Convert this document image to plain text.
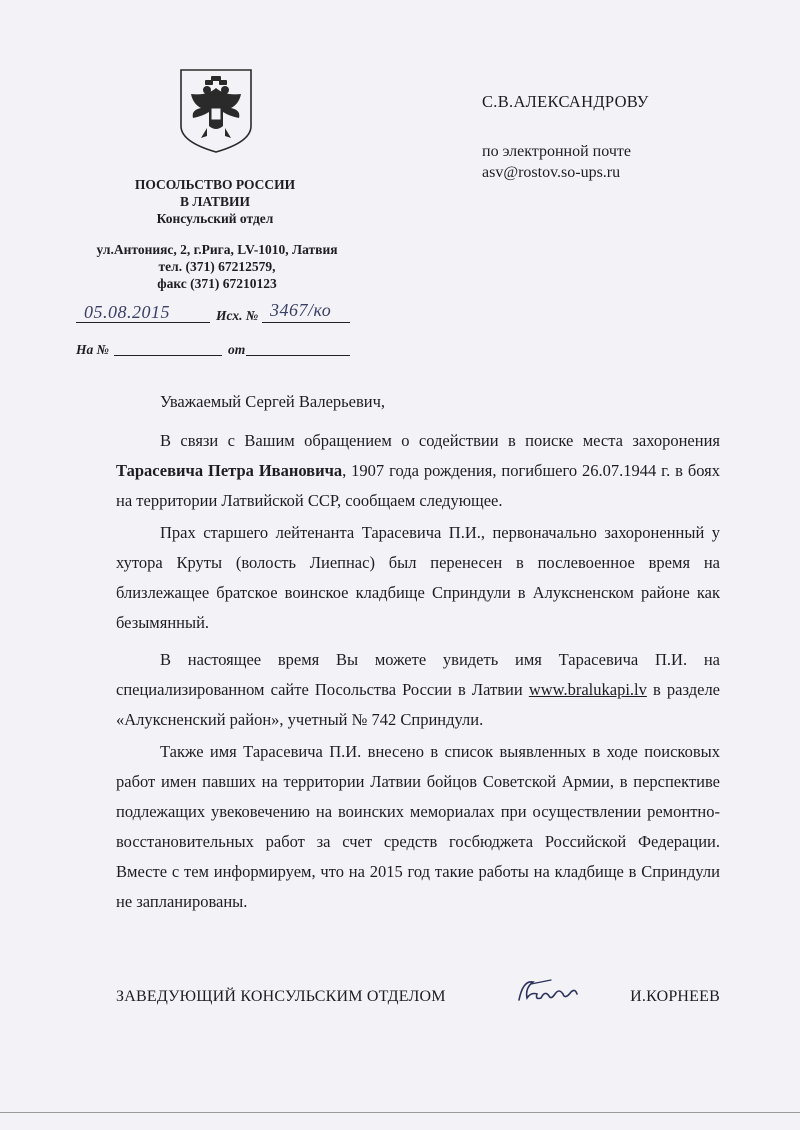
ПОСОЛЬСТВО РОССИИ
В ЛАТВИИ
Консульский отдел
ул.Антонияс, 2, г.Рига, LV-1010, Латвия
тел. (371) 67212579,
факс (371) 67210123
05.08.2015	Исх. № 3467/ко
На №	от
С.В.АЛЕКСАНДРОВУ
по электронной почте
asv@rostov.so-ups.ru
Уважаемый Сергей Валерьевич,

В связи с Вашим обращением о содействии в поиске места захоронения Тарасевича Петра Ивановича, 1907 года рождения, погибшего 26.07.1944 г. в боях на территории Латвийской ССР, сообщаем следующее.

Прах старшего лейтенанта Тарасевича П.И., первоначально захороненный у хутора Круты (волость Лиепнас) был перенесен в послевоенное время на близлежащее братское воинское кладбище Сприндули в Алуксненском районе как безымянный.

В настоящее время Вы можете увидеть имя Тарасевича П.И. на специализированном сайте Посольства России в Латвии www.bralukapi.lv в разделе «Алуксненский район», учетный № 742 Сприндули.

Также имя Тарасевича П.И. внесено в список выявленных в ходе поисковых работ имен павших на территории Латвии бойцов Советской Армии, в перспективе подлежащих увековечению на воинских мемориалах при осуществлении ремонтно-восстановительных работ за счет средств госбюджета Российской Федерации. Вместе с тем информируем, что на 2015 год такие работы на кладбище в Сприндули не запланированы.

ЗАВЕДУЮЩИЙ КОНСУЛЬСКИМ ОТДЕЛОМ	И.КОРНЕЕВ
